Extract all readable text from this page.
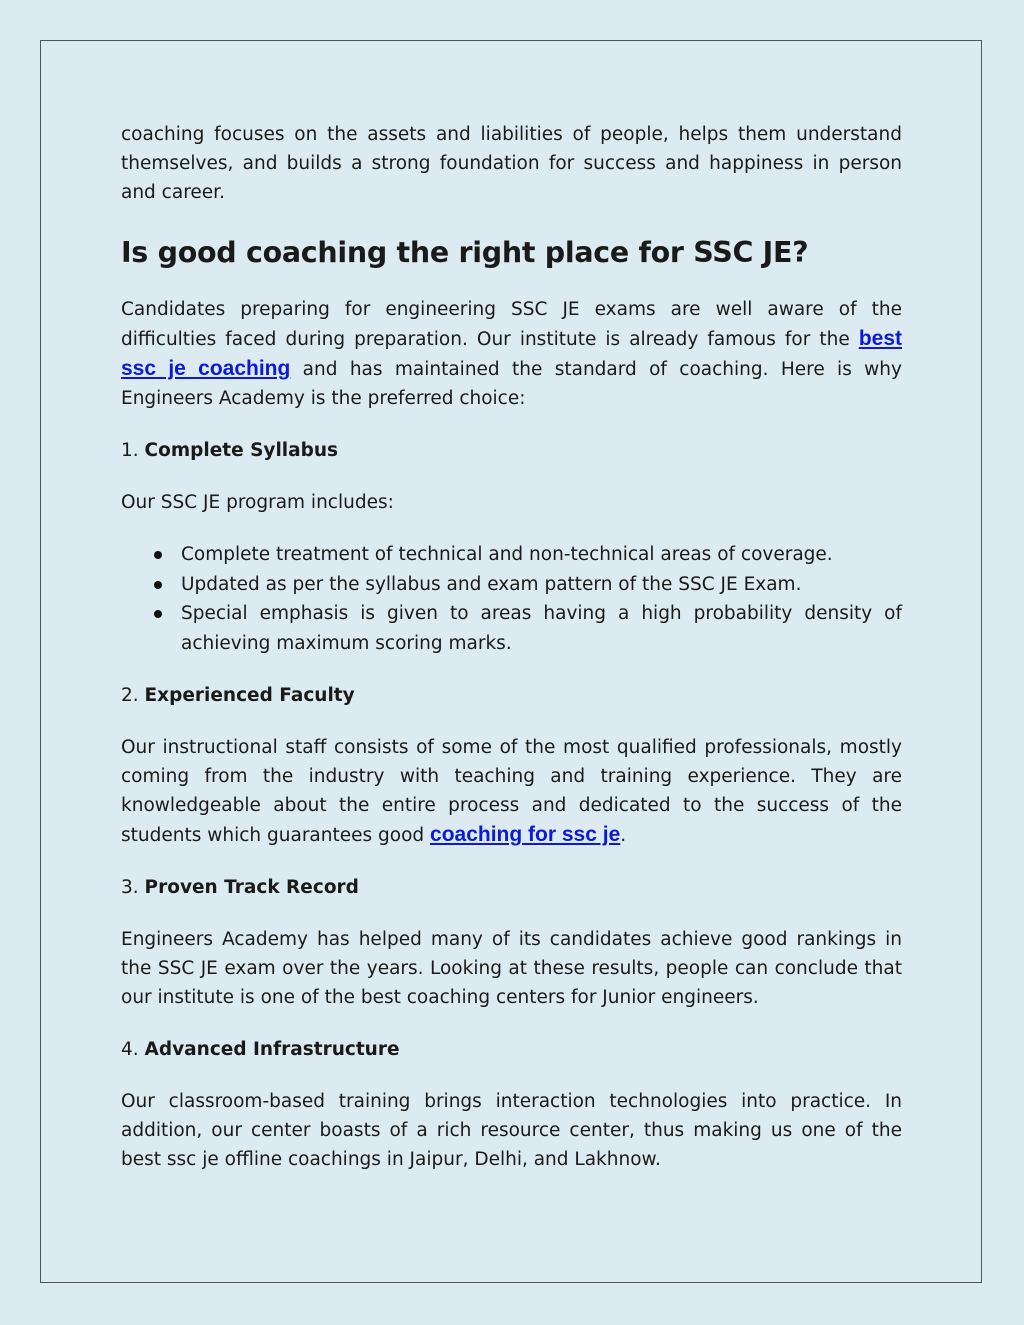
coaching focuses on the assets and liabilities of people, helps them understand themselves, and builds a strong foundation for success and happiness in person and career.

Is good coaching the right place for SSC JE?

Candidates preparing for engineering SSC JE exams are well aware of the difficulties faced during preparation. Our institute is already famous for the best ssc je coaching and has maintained the standard of coaching. Here is why Engineers Academy is the preferred choice:

1. Complete Syllabus

Our SSC JE program includes:

Complete treatment of technical and non-technical areas of coverage.
Updated as per the syllabus and exam pattern of the SSC JE Exam.
Special emphasis is given to areas having a high probability density of achieving maximum scoring marks.

2. Experienced Faculty

Our instructional staff consists of some of the most qualified professionals, mostly coming from the industry with teaching and training experience. They are knowledgeable about the entire process and dedicated to the success of the students which guarantees good coaching for ssc je.

3. Proven Track Record

Engineers Academy has helped many of its candidates achieve good rankings in the SSC JE exam over the years. Looking at these results, people can conclude that our institute is one of the best coaching centers for Junior engineers.

4. Advanced Infrastructure

Our classroom-based training brings interaction technologies into practice. In addition, our center boasts of a rich resource center, thus making us one of the best ssc je offline coachings in Jaipur, Delhi, and Lakhnow.
